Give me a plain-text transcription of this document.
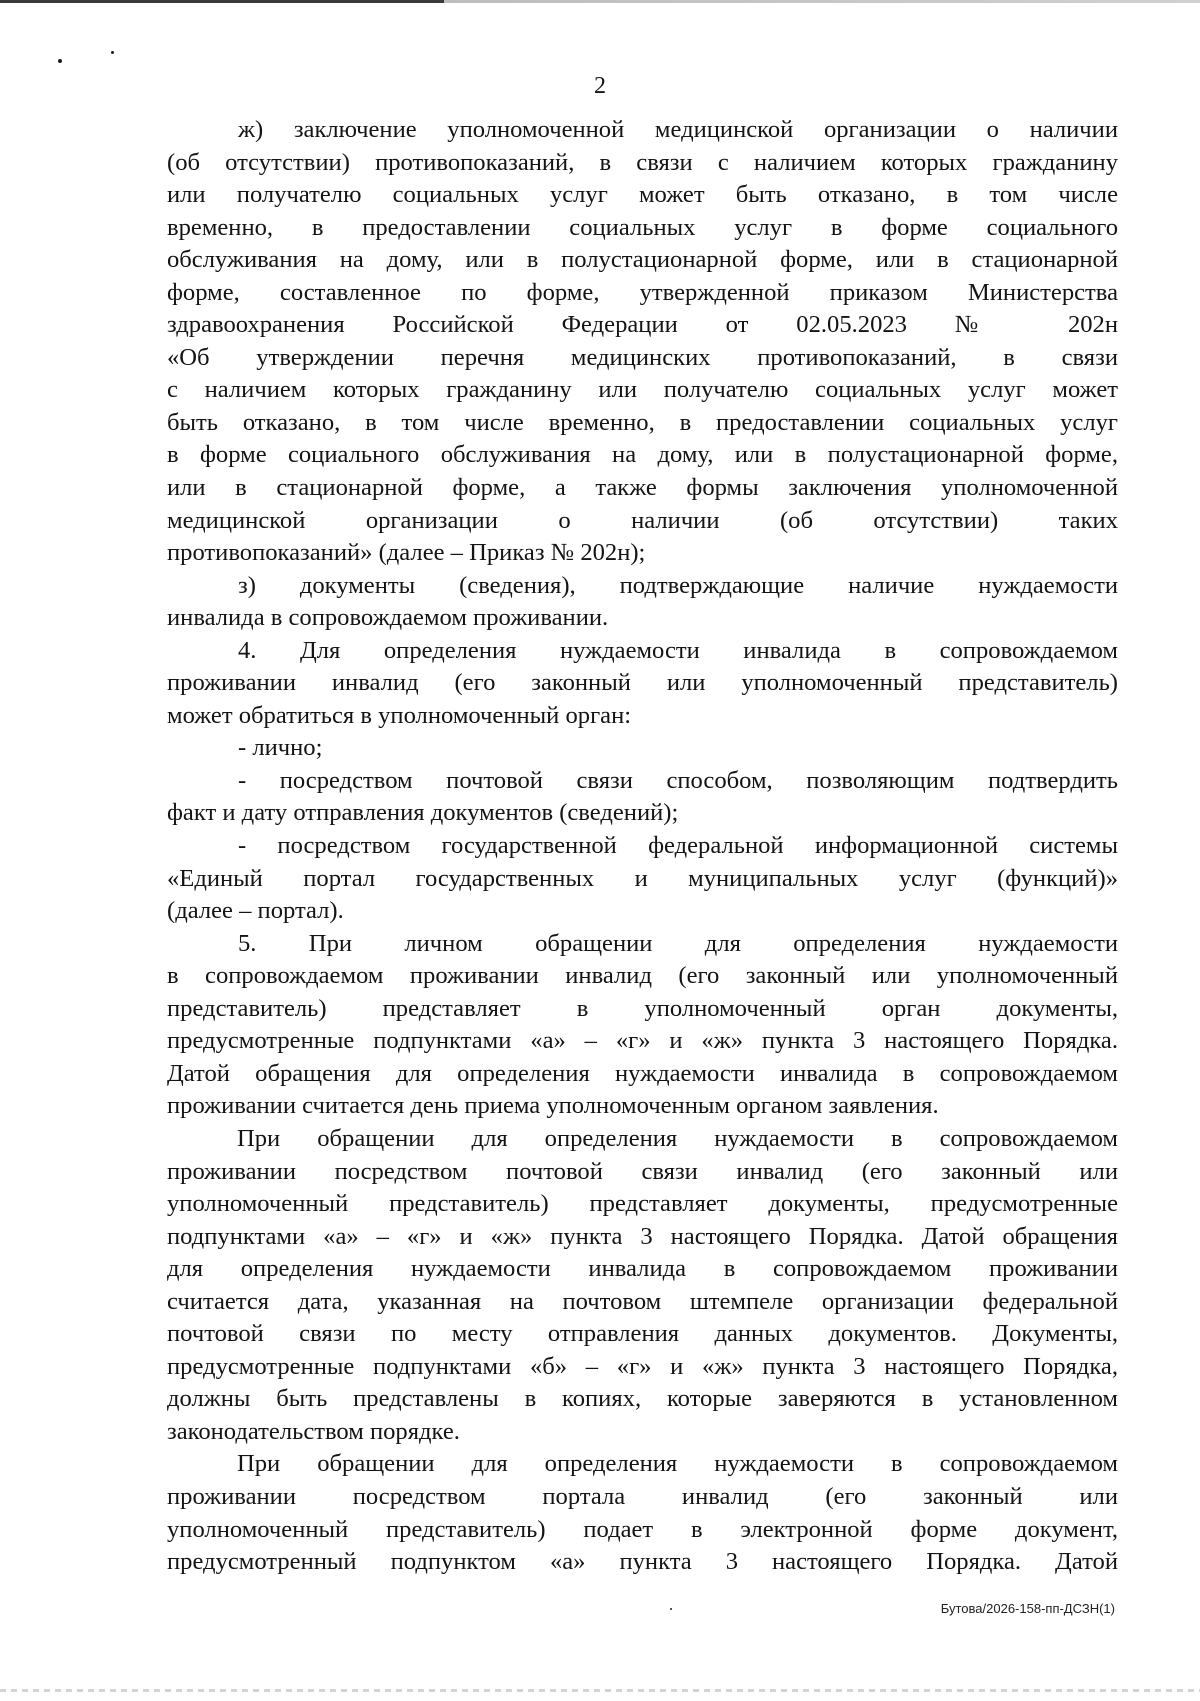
2
ж) заключение уполномоченной медицинской организации о наличии
(об отсутствии) противопоказаний, в связи с наличием которых гражданину
или получателю социальных услуг может быть отказано, в том числе
временно, в предоставлении социальных услуг в форме социального
обслуживания на дому, или в полустационарной форме, или в стационарной
форме, составленное по форме, утвержденной приказом Министерства
здравоохранения Российской Федерации от 02.05.2023 № 202н
«Об утверждении перечня медицинских противопоказаний, в связи
с наличием которых гражданину или получателю социальных услуг может
быть отказано, в том числе временно, в предоставлении социальных услуг
в форме социального обслуживания на дому, или в полустационарной форме,
или в стационарной форме, а также формы заключения уполномоченной
медицинской организации о наличии (об отсутствии) таких
противопоказаний» (далее – Приказ № 202н);
з) документы (сведения), подтверждающие наличие нуждаемости
инвалида в сопровождаемом проживании.
4. Для определения нуждаемости инвалида в сопровождаемом
проживании инвалид (его законный или уполномоченный представитель)
может обратиться в уполномоченный орган:
- лично;
- посредством почтовой связи способом, позволяющим подтвердить
факт и дату отправления документов (сведений);
- посредством государственной федеральной информационной системы
«Единый портал государственных и муниципальных услуг (функций)»
(далее – портал).
5. При личном обращении для определения нуждаемости
в сопровождаемом проживании инвалид (его законный или уполномоченный
представитель) представляет в уполномоченный орган документы,
предусмотренные подпунктами «а» – «г» и «ж» пункта 3 настоящего Порядка.
Датой обращения для определения нуждаемости инвалида в сопровождаемом
проживании считается день приема уполномоченным органом заявления.
При обращении для определения нуждаемости в сопровождаемом
проживании посредством почтовой связи инвалид (его законный или
уполномоченный представитель) представляет документы, предусмотренные
подпунктами «а» – «г» и «ж» пункта 3 настоящего Порядка. Датой обращения
для определения нуждаемости инвалида в сопровождаемом проживании
считается дата, указанная на почтовом штемпеле организации федеральной
почтовой связи по месту отправления данных документов. Документы,
предусмотренные подпунктами «б» – «г» и «ж» пункта 3 настоящего Порядка,
должны быть представлены в копиях, которые заверяются в установленном
законодательством порядке.
При обращении для определения нуждаемости в сопровождаемом
проживании посредством портала инвалид (его законный или
уполномоченный представитель) подает в электронной форме документ,
предусмотренный подпунктом «а» пункта 3 настоящего Порядка. Датой
Бутова/2026-158-пп-ДСЗН(1)
